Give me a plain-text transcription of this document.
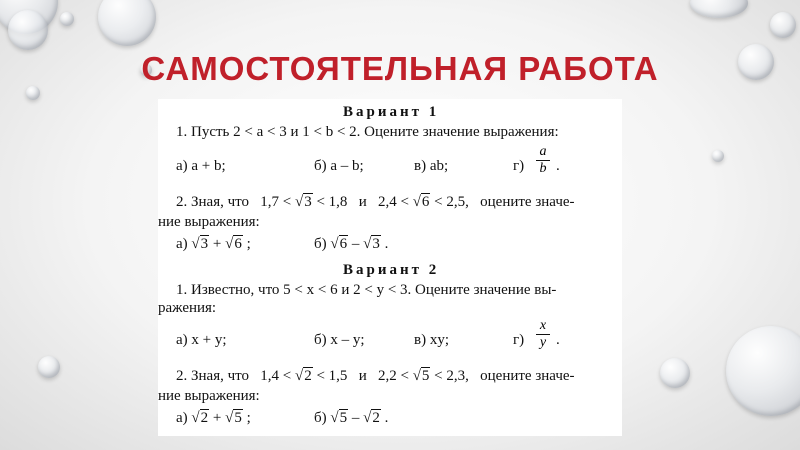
САМОСТОЯТЕЛЬНАЯ РАБОТА
Вариант 1
1. Пусть 2 < a < 3 и 1 < b < 2. Оцените значение выражения:
а) a + b;	б) a – b;	в) ab;	г)
a
b .
2. Зная, что 1,7 < √3 < 1,8 и 2,4 < √6 < 2,5, оцените значе-
ние выражения:
а) √3 + √6 ;	б) √6 – √3 .
Вариант 2
1. Известно, что 5 < x < 6 и 2 < y < 3. Оцените значение вы-
ражения:
а) x + y;	б) x – y;	в) xy;	г)
x
y .
2. Зная, что 1,4 < √2 < 1,5 и 2,2 < √5 < 2,3, оцените значе-
ние выражения:
а) √2 + √5 ;	б) √5 – √2 .
